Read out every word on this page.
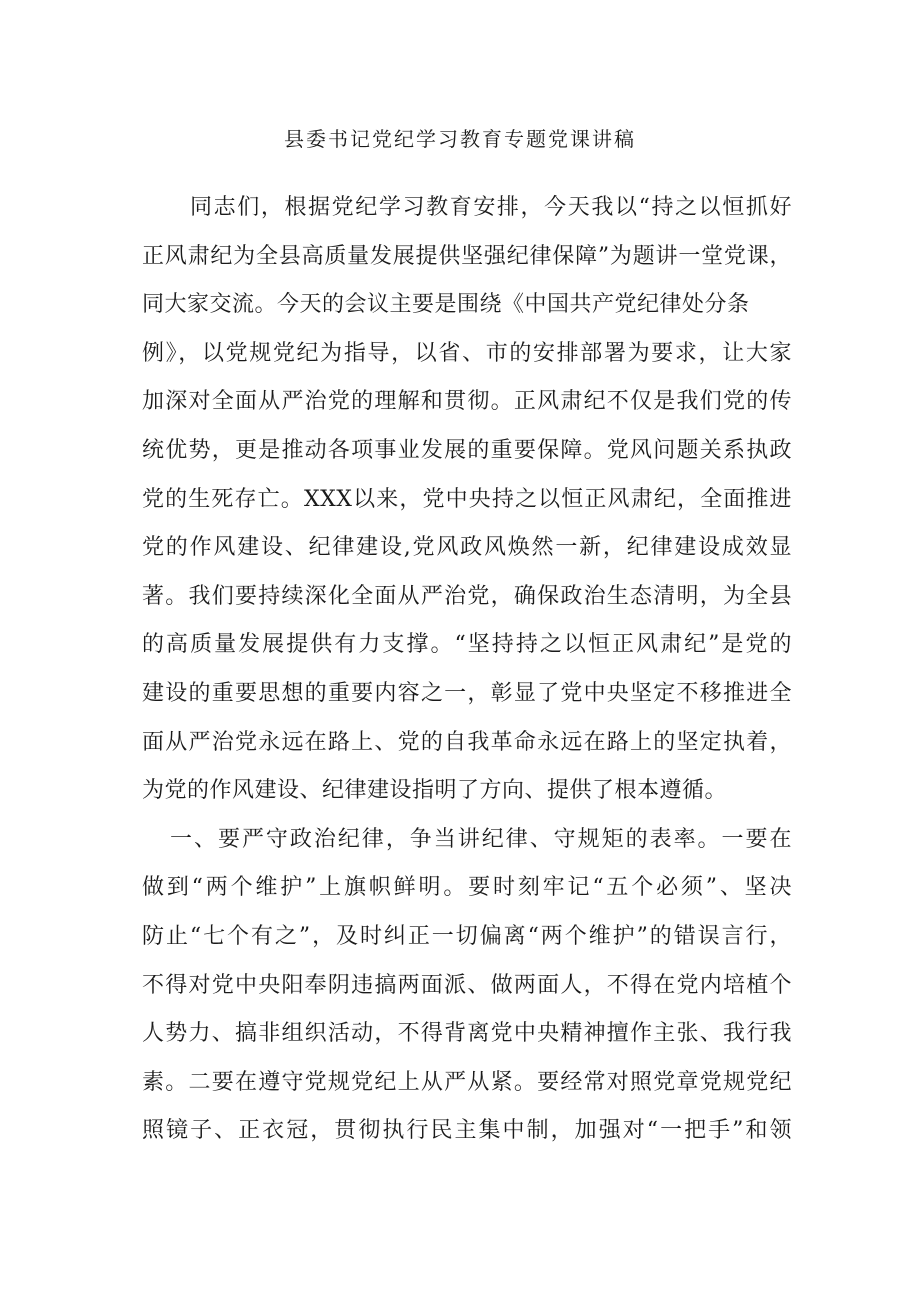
县委书记党纪学习教育专题党课讲稿
同志们，根据党纪学习教育安排，今天我以“持之以恒抓好
正风肃纪为全县高质量发展提供坚强纪律保障”为题讲一堂党课，
同大家交流。今天的会议主要是围绕《中国共产党纪律处分条
例》，以党规党纪为指导，以省、市的安排部署为要求，让大家
加深对全面从严治党的理解和贯彻。正风肃纪不仅是我们党的传
统优势，更是推动各项事业发展的重要保障。党风问题关系执政
党的生死存亡。XXX以来，党中央持之以恒正风肃纪，全面推进
党的作风建设、纪律建设,党风政风焕然一新，纪律建设成效显
著。我们要持续深化全面从严治党，确保政治生态清明，为全县
的高质量发展提供有力支撑。“坚持持之以恒正风肃纪”是党的
建设的重要思想的重要内容之一，彰显了党中央坚定不移推进全
面从严治党永远在路上、党的自我革命永远在路上的坚定执着，
为党的作风建设、纪律建设指明了方向、提供了根本遵循。
一、要严守政治纪律，争当讲纪律、守规矩的表率。一要在
做到“两个维护”上旗帜鲜明。要时刻牢记“五个必须”、坚决
防止“七个有之”，及时纠正一切偏离“两个维护”的错误言行，
不得对党中央阳奉阴违搞两面派、做两面人，不得在党内培植个
人势力、搞非组织活动，不得背离党中央精神擅作主张、我行我
素。二要在遵守党规党纪上从严从紧。要经常对照党章党规党纪
照镜子、正衣冠，贯彻执行民主集中制，加强对“一把手”和领
